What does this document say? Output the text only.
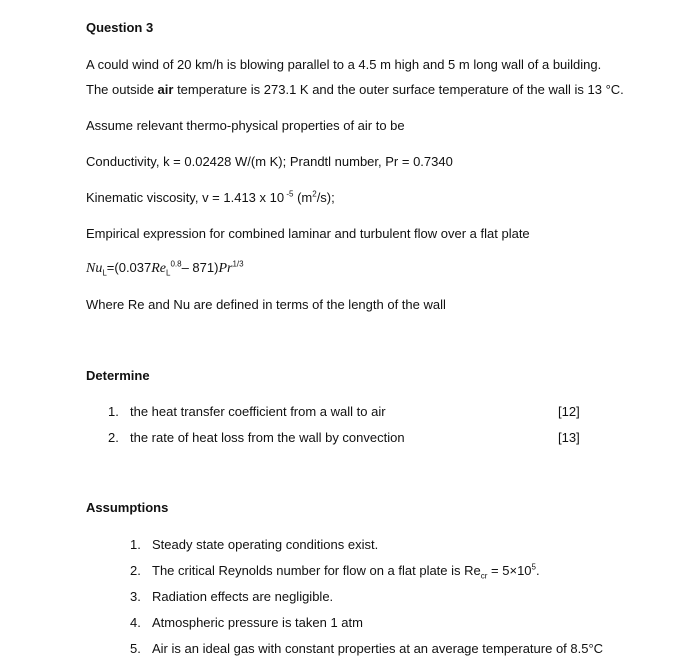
Question 3
A could wind of 20 km/h is blowing parallel to a 4.5 m high and 5 m long wall of a building.
The outside air temperature is 273.1 K and the outer surface temperature of the wall is 13 °C.
Assume relevant thermo-physical properties of air to be
Conductivity, k = 0.02428 W/(m K); Prandtl number, Pr = 0.7340
Kinematic viscosity, v = 1.413 x 10 $^{-5}$ $(m^2/s)$;
Empirical expression for combined laminar and turbulent flow over a flat plate
$Nu_L=(0.037Re_L^{0.8}-$ $871)Pr^{1/3}$
Where Re and Nu are defined in terms of the length of the wall
Determine
1. the heat transfer coefficient from a wall to air	[12]
2. the rate of heat loss from the wall by convection	[13]
Assumptions
1. Steady state operating conditions exist.
2. The critical Reynolds number for flow on a flat plate is $Re_{cr} = 5\times 10^5$.
3. Radiation effects are negligible.
4. Atmospheric pressure is taken 1 atm
5. Air is an ideal gas with constant properties at an average temperature of 8.5°C
